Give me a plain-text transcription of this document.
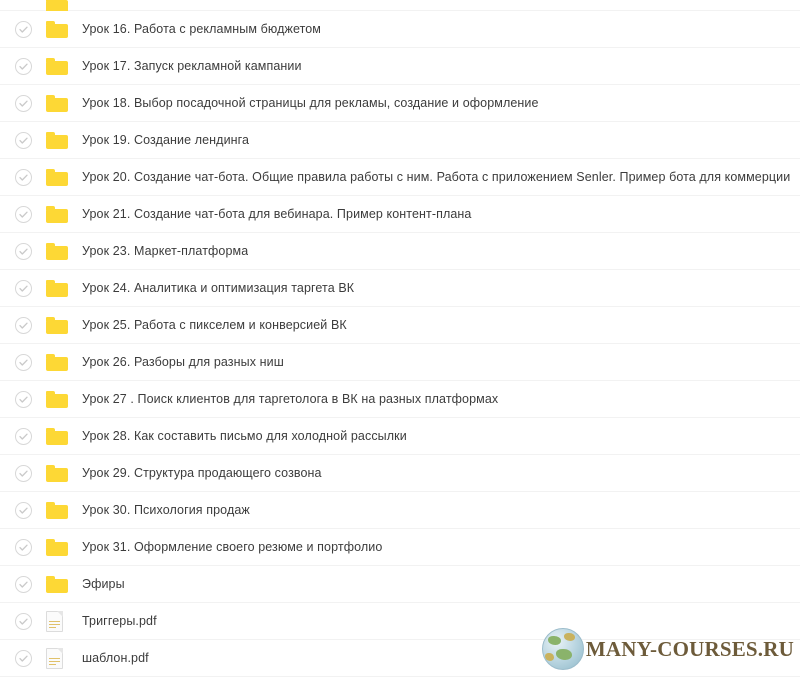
Урок 16. Работа с рекламным бюджетом
Урок 17. Запуск рекламной кампании
Урок 18. Выбор посадочной страницы для рекламы, создание и оформление
Урок 19. Создание лендинга
Урок 20. Создание чат-бота. Общие правила работы с ним. Работа с приложением Senler. Пример бота для коммерции
Урок 21. Создание чат-бота для вебинара. Пример контент-плана
Урок 23. Маркет-платформа
Урок 24. Аналитика и оптимизация таргета ВК
Урок 25. Работа с пикселем и конверсией ВК
Урок 26. Разборы для разных ниш
Урок 27 . Поиск клиентов для таргетолога в ВК на разных платформах
Урок 28. Как составить письмо для холодной рассылки
Урок 29. Структура продающего созвона
Урок 30. Психология продаж
Урок 31. Оформление своего резюме и портфолио
Эфиры
Триггеры.pdf
шаблон.pdf	MANY-COURSES.RU
